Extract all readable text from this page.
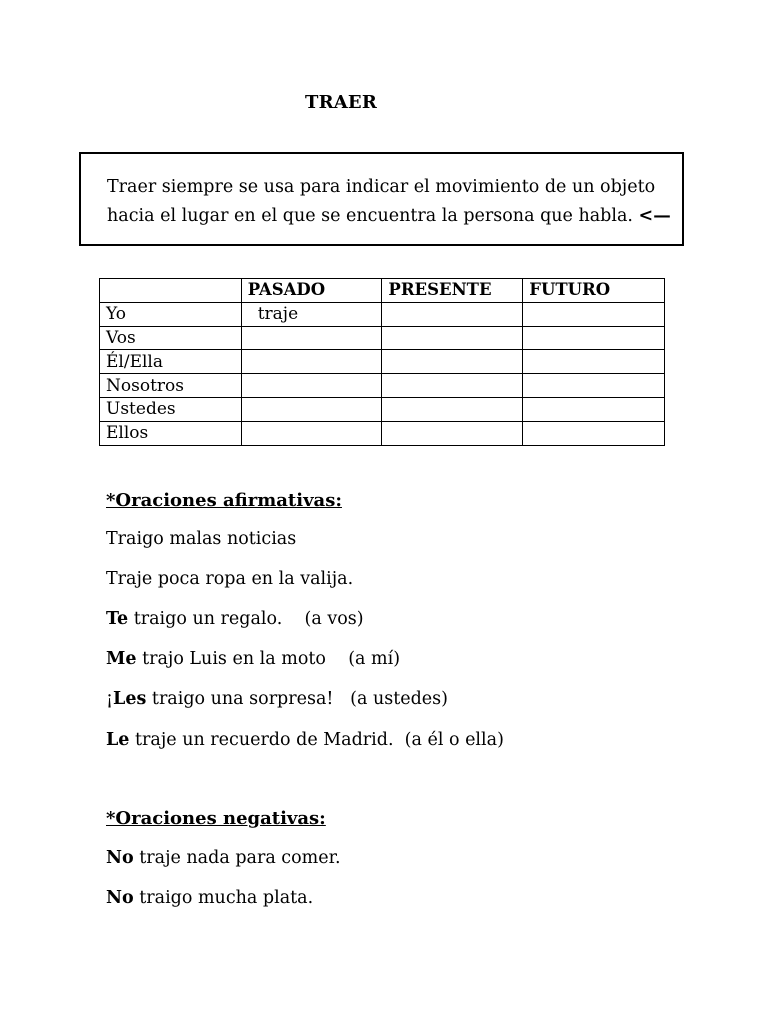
TRAER

Traer siempre se usa para indicar el movimiento de un objeto
hacia el lugar en el que se encuentra la persona que habla. <—

	PASADO	PRESENTE	FUTURO
Yo	traje		
Vos			
Él/Ella			
Nosotros			
Ustedes			
Ellos			
*Oraciones afirmativas:
Traigo malas noticias
Traje poca ropa en la valija.
Te traigo un regalo.    (a vos)
Me trajo Luis en la moto    (a mí)
¡Les traigo una sorpresa!   (a ustedes)
Le traje un recuerdo de Madrid.  (a él o ella)
*Oraciones negativas:
No traje nada para comer.
No traigo mucha plata.
